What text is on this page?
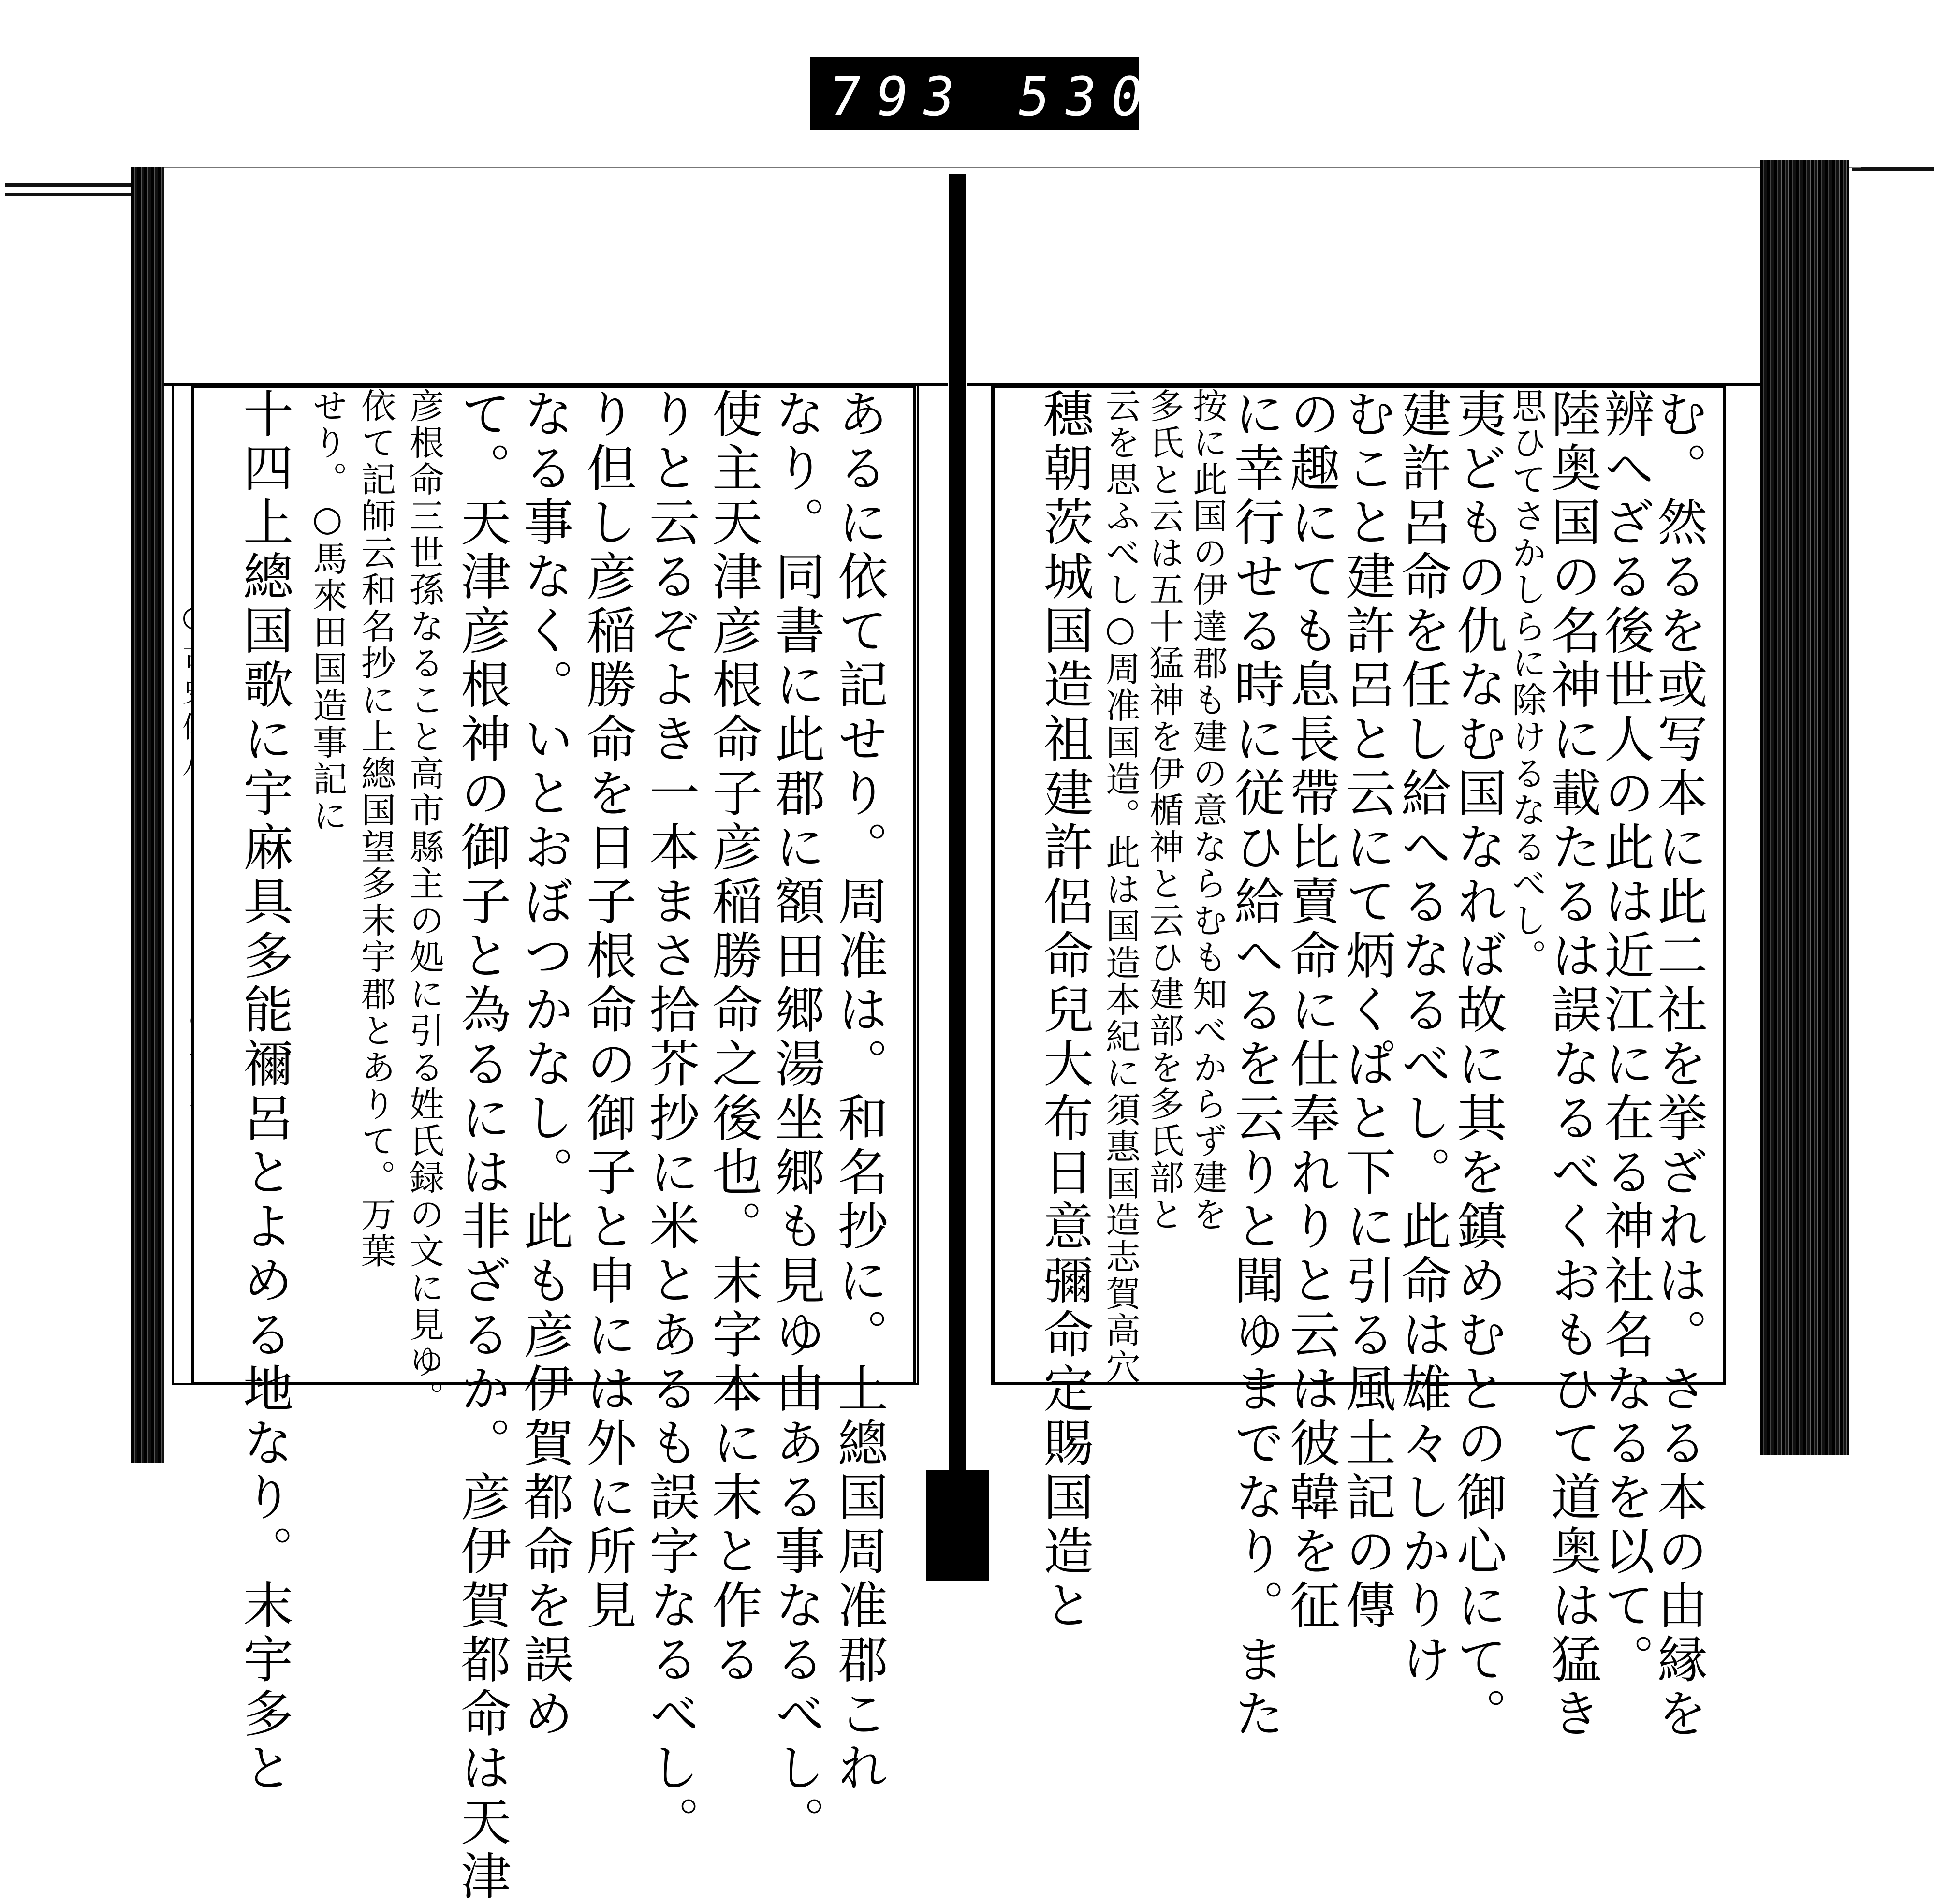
793 530
あるに依て記せり。周准は。和名抄に。上總国周准郡これ
なり。同書に此郡に額田郷湯坐郷も見ゆ由ある事なるべし。
使主天津彦根命子彦稲勝命之後也。末字本に末と作る
りと云るぞよき一本まさ拾芥抄に米とあるも誤字なるべし。
り但し彦稲勝命を日子根命の御子と申には外に所見
なる事なく。いとおぼつかなし。此も彦伊賀都命を誤め
て。天津彦根神の御子と為るには非ざるか。彦伊賀都命は天津
彦根命三世孫なること高市縣主の処に引る姓氏録の文に見ゆ。
依て記師云和名抄に上總国望多末宇郡とありて。万葉
せり。○馬來田国造事記に
十四上總国歌に宇麻具多能禰呂とよめる地なり。末宇多と	む。然るを或写本に此二社を挙ざれは。さる本の由縁を
辨へざる後世人の此は近江に在る神社名なるを以て。
陸奥国の名神に載たるは誤なるべくおもひて道奥は猛き
思ひてさかしらに除けるなるべし。
夷どもの仇なむ国なれば故に其を鎮めむとの御心にて。
建許呂命を任し給へるなるべし。此命は雄々しかりけ
むこと建許呂と云にて炳くぱと下に引る風土記の傳
の趣にても息長帶比賣命に仕奉れりと云は彼韓を征
に幸行せる時に従ひ給へるを云りと聞ゆまでなり。また
按に此国の伊達郡も建の意ならむも知べからず建を
多氏と云は五十猛神を伊楯神と云ひ建部を多氏部と
云を思ふべし○周准国造。此は国造本紀に須惠国造志賀高穴
穗朝茨城国造祖建許侶命兒大布日意彌命定賜国造と
